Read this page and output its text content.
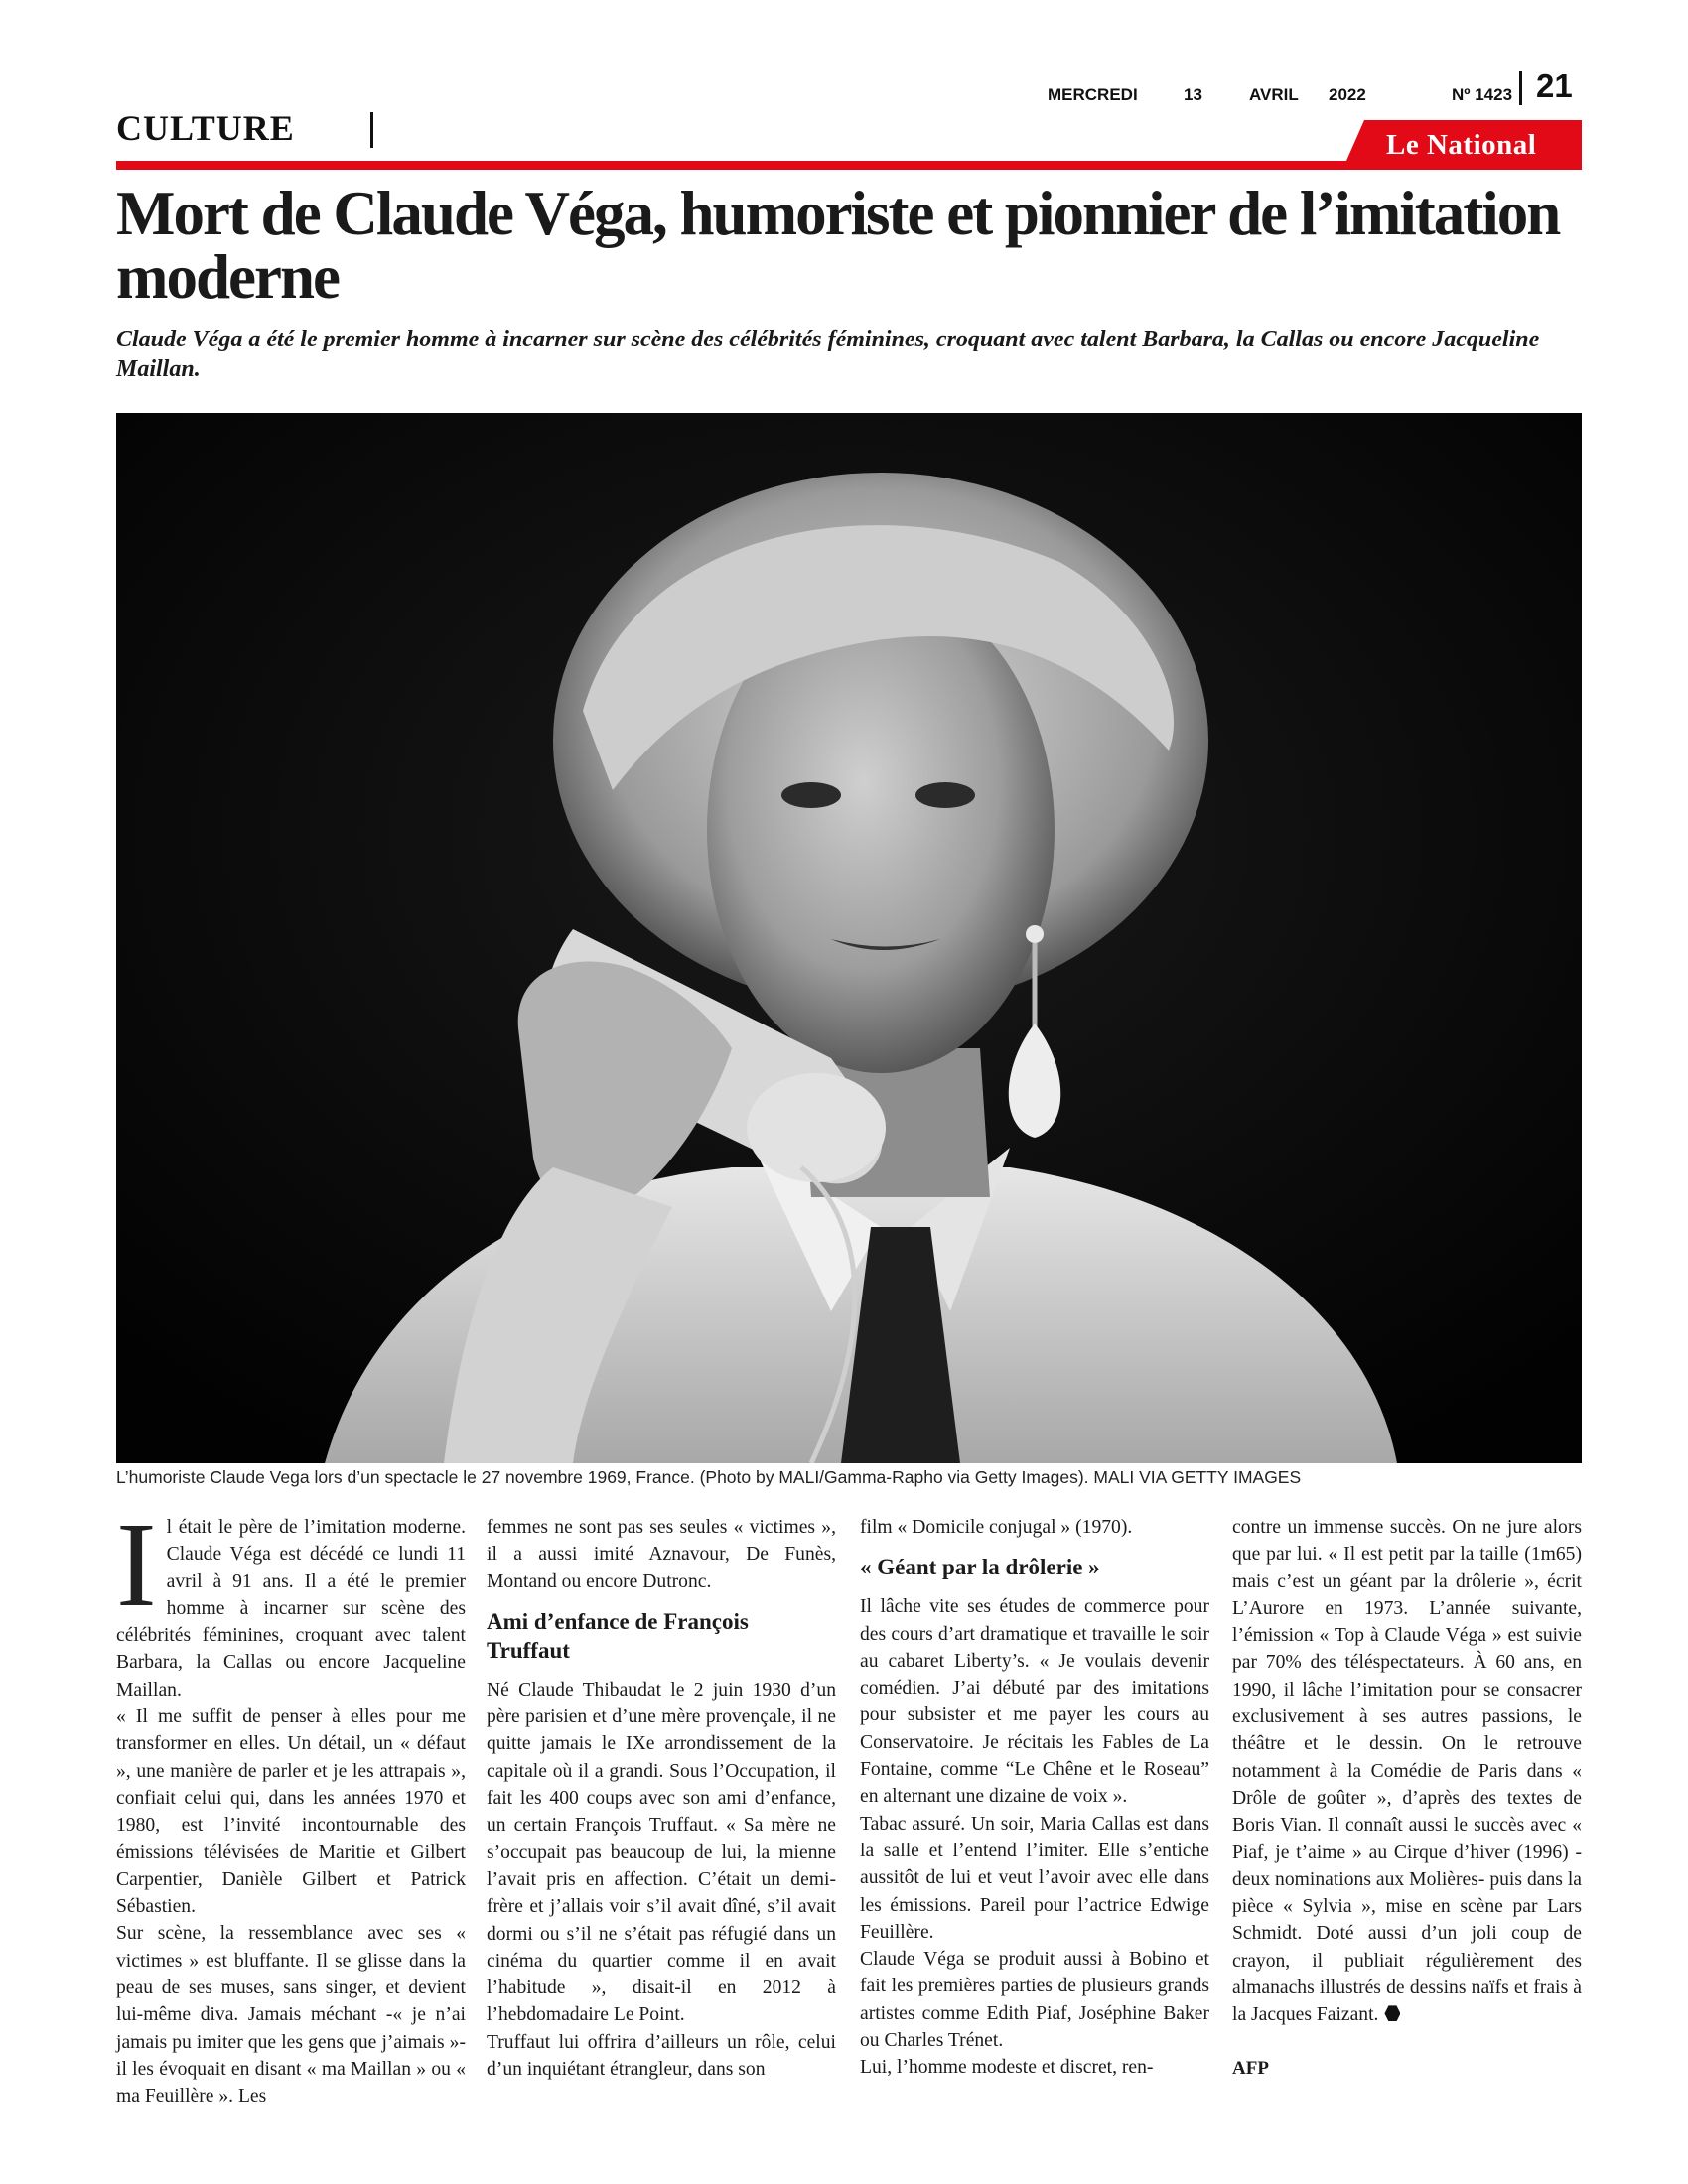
CULTURE
MERCREDI	13	AVRIL 2022	Nº 1423 21
Le National
Mort de Claude Véga, humoriste et pionnier de l’imitation moderne

Claude Véga a été le premier homme à incarner sur scène des célébrités féminines, croquant avec talent Barbara, la Callas ou encore Jacqueline Maillan.

L’humoriste Claude Vega lors d’un spectacle le 27 novembre 1969, France. (Photo by MALI/Gamma-Rapho via Getty Images). MALI VIA GETTY IMAGES

Il était le père de l’imitation moderne. Claude Véga est décédé ce lundi 11 avril à 91 ans. Il a été le premier homme à incarner sur scène des célébrités féminines, croquant avec talent Barbara, la Callas ou encore Jacqueline Maillan.

« Il me suffit de penser à elles pour me transformer en elles. Un détail, un « défaut », une manière de parler et je les attrapais », confiait celui qui, dans les années 1970 et 1980, est l’invité incontournable des émissions télévisées de Maritie et Gilbert Carpentier, Danièle Gilbert et Patrick Sébastien.

Sur scène, la ressemblance avec ses « victimes » est bluffante. Il se glisse dans la peau de ses muses, sans singer, et devient lui-même diva. Jamais méchant -« je n’ai jamais pu imiter que les gens que j’aimais »- il les évoquait en disant « ma Maillan » ou « ma Feuillère ». Les

femmes ne sont pas ses seules « victimes », il a aussi imité Aznavour, De Funès, Montand ou encore Dutronc.

Ami d’enfance de François Truffaut

Né Claude Thibaudat le 2 juin 1930 d’un père parisien et d’une mère provençale, il ne quitte jamais le IXe arrondissement de la capitale où il a grandi. Sous l’Occupation, il fait les 400 coups avec son ami d’enfance, un certain François Truffaut. « Sa mère ne s’occupait pas beaucoup de lui, la mienne l’avait pris en affection. C’était un demi-frère et j’allais voir s’il avait dîné, s’il avait dormi ou s’il ne s’était pas réfugié dans un cinéma du quartier comme il en avait l’habitude », disait-il en 2012 à l’hebdomadaire Le Point.

Truffaut lui offrira d’ailleurs un rôle, celui d’un inquiétant étrangleur, dans son

film « Domicile conjugal » (1970).

« Géant par la drôlerie »

Il lâche vite ses études de commerce pour des cours d’art dramatique et travaille le soir au cabaret Liberty’s. « Je voulais devenir comédien. J’ai débuté par des imitations pour subsister et me payer les cours au Conservatoire. Je récitais les Fables de La Fontaine, comme “Le Chêne et le Roseau” en alternant une dizaine de voix ».

Tabac assuré. Un soir, Maria Callas est dans la salle et l’entend l’imiter. Elle s’entiche aussitôt de lui et veut l’avoir avec elle dans les émissions. Pareil pour l’actrice Edwige Feuillère.

Claude Véga se produit aussi à Bobino et fait les premières parties de plusieurs grands artistes comme Edith Piaf, Joséphine Baker ou Charles Trénet.

Lui, l’homme modeste et discret, ren-

contre un immense succès. On ne jure alors que par lui. « Il est petit par la taille (1m65) mais c’est un géant par la drôlerie », écrit L’Aurore en 1973. L’année suivante, l’émission « Top à Claude Véga » est suivie par 70% des téléspectateurs. À 60 ans, en 1990, il lâche l’imitation pour se consacrer exclusivement à ses autres passions, le théâtre et le dessin. On le retrouve notamment à la Comédie de Paris dans « Drôle de goûter », d’après des textes de Boris Vian. Il connaît aussi le succès avec « Piaf, je t’aime » au Cirque d’hiver (1996) -deux nominations aux Molières- puis dans la pièce « Sylvia », mise en scène par Lars Schmidt. Doté aussi d’un joli coup de crayon, il publiait régulièrement des almanachs illustrés de dessins naïfs et frais à la Jacques Faizant.

AFP
